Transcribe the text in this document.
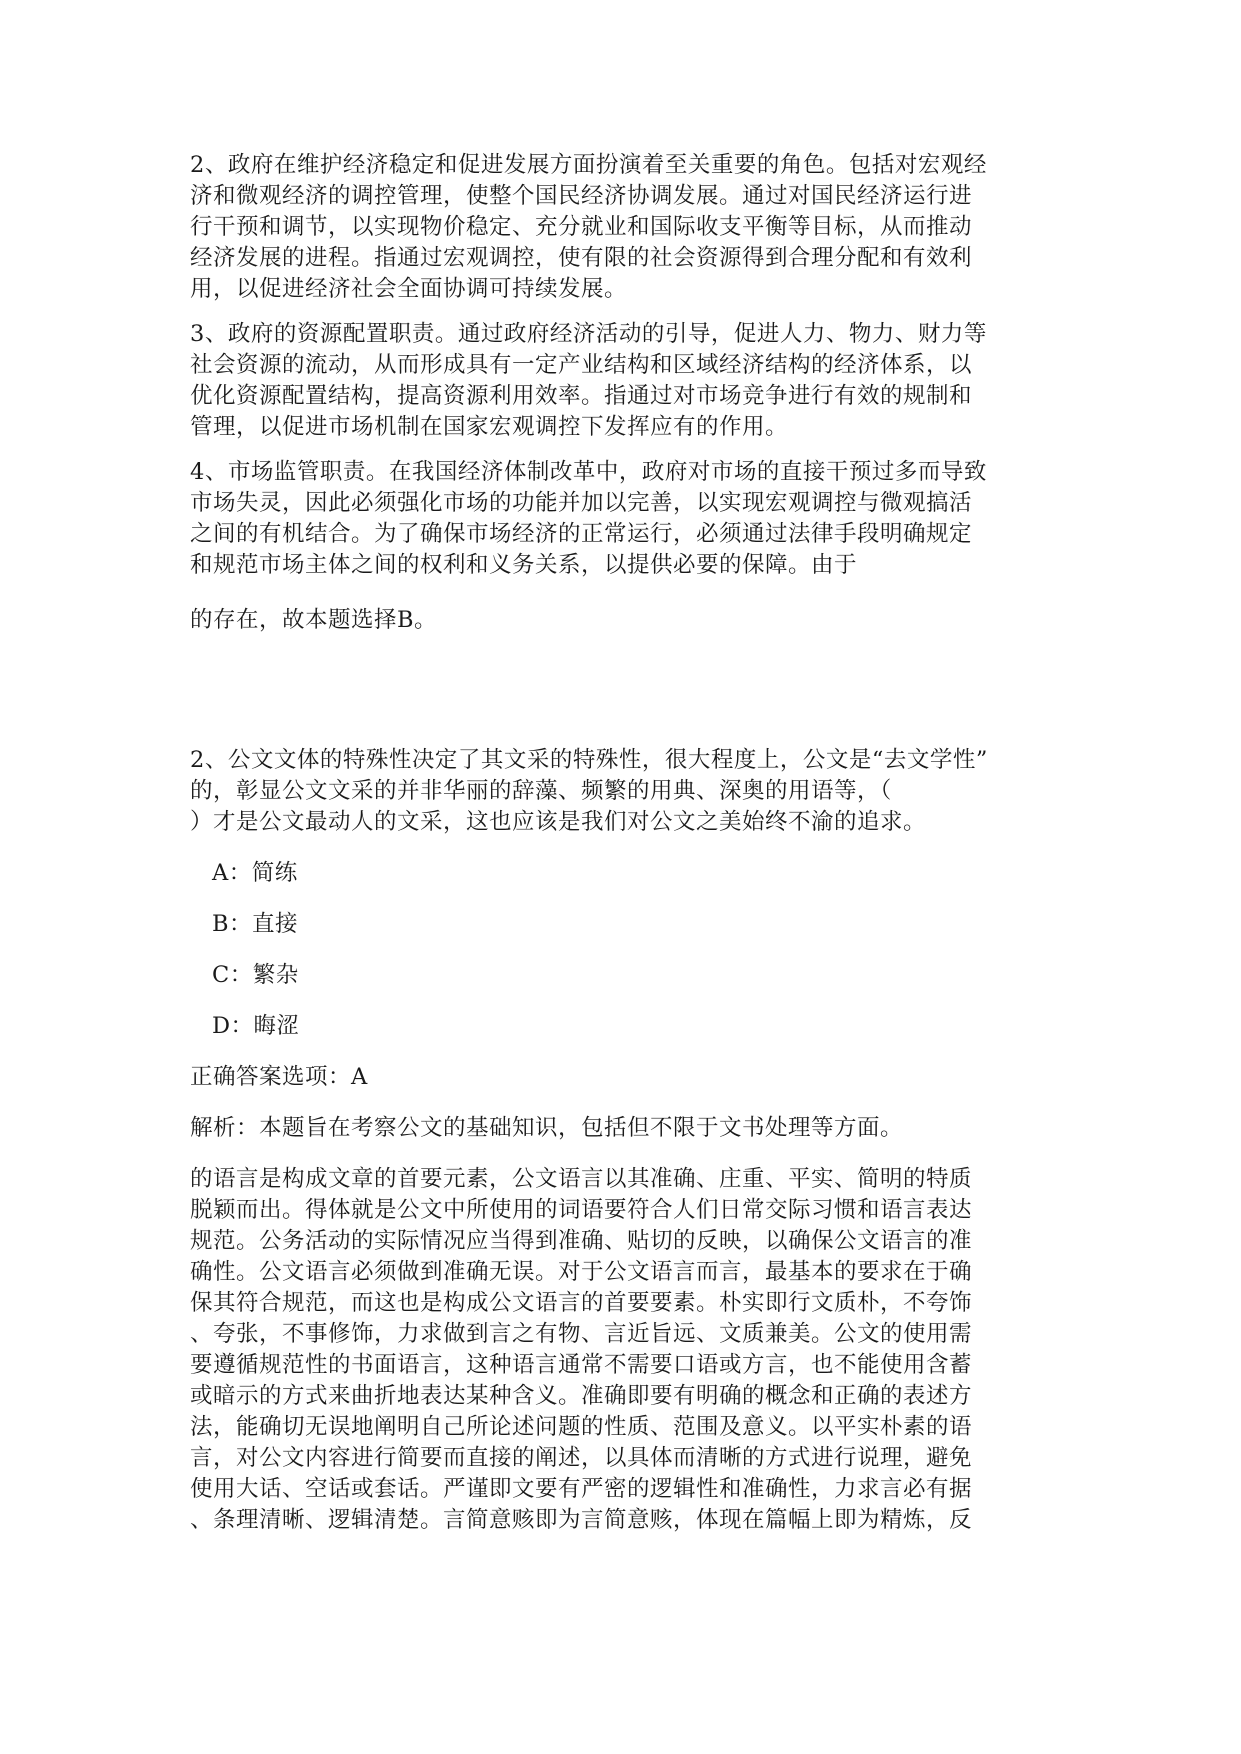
2、政府在维护经济稳定和促进发展方面扮演着至关重要的角色。包括对宏观经
济和微观经济的调控管理，使整个国民经济协调发展。通过对国民经济运行进
行干预和调节，以实现物价稳定、充分就业和国际收支平衡等目标，从而推动
经济发展的进程。指通过宏观调控，使有限的社会资源得到合理分配和有效利
用，以促进经济社会全面协调可持续发展。
3、政府的资源配置职责。通过政府经济活动的引导，促进人力、物力、财力等
社会资源的流动，从而形成具有一定产业结构和区域经济结构的经济体系，以
优化资源配置结构，提高资源利用效率。指通过对市场竞争进行有效的规制和
管理，以促进市场机制在国家宏观调控下发挥应有的作用。
4、市场监管职责。在我国经济体制改革中，政府对市场的直接干预过多而导致
市场失灵，因此必须强化市场的功能并加以完善，以实现宏观调控与微观搞活
之间的有机结合。为了确保市场经济的正常运行，必须通过法律手段明确规定
和规范市场主体之间的权利和义务关系，以提供必要的保障。由于
的存在，故本题选择B。
2、公文文体的特殊性决定了其文采的特殊性，很大程度上，公文是“去文学性”
的，彰显公文文采的并非华丽的辞藻、频繁的用典、深奥的用语等，（
）才是公文最动人的文采，这也应该是我们对公文之美始终不渝的追求。
A：简练
B：直接
C：繁杂
D：晦涩
正确答案选项：A
解析：本题旨在考察公文的基础知识，包括但不限于文书处理等方面。
的语言是构成文章的首要元素，公文语言以其准确、庄重、平实、简明的特质
脱颖而出。得体就是公文中所使用的词语要符合人们日常交际习惯和语言表达
规范。公务活动的实际情况应当得到准确、贴切的反映，以确保公文语言的准
确性。公文语言必须做到准确无误。对于公文语言而言，最基本的要求在于确
保其符合规范，而这也是构成公文语言的首要要素。朴实即行文质朴，不夸饰
、夸张，不事修饰，力求做到言之有物、言近旨远、文质兼美。公文的使用需
要遵循规范性的书面语言，这种语言通常不需要口语或方言，也不能使用含蓄
或暗示的方式来曲折地表达某种含义。准确即要有明确的概念和正确的表述方
法，能确切无误地阐明自己所论述问题的性质、范围及意义。以平实朴素的语
言，对公文内容进行简要而直接的阐述，以具体而清晰的方式进行说理，避免
使用大话、空话或套话。严谨即文要有严密的逻辑性和准确性，力求言必有据
、条理清晰、逻辑清楚。言简意赅即为言简意赅，体现在篇幅上即为精炼，反
